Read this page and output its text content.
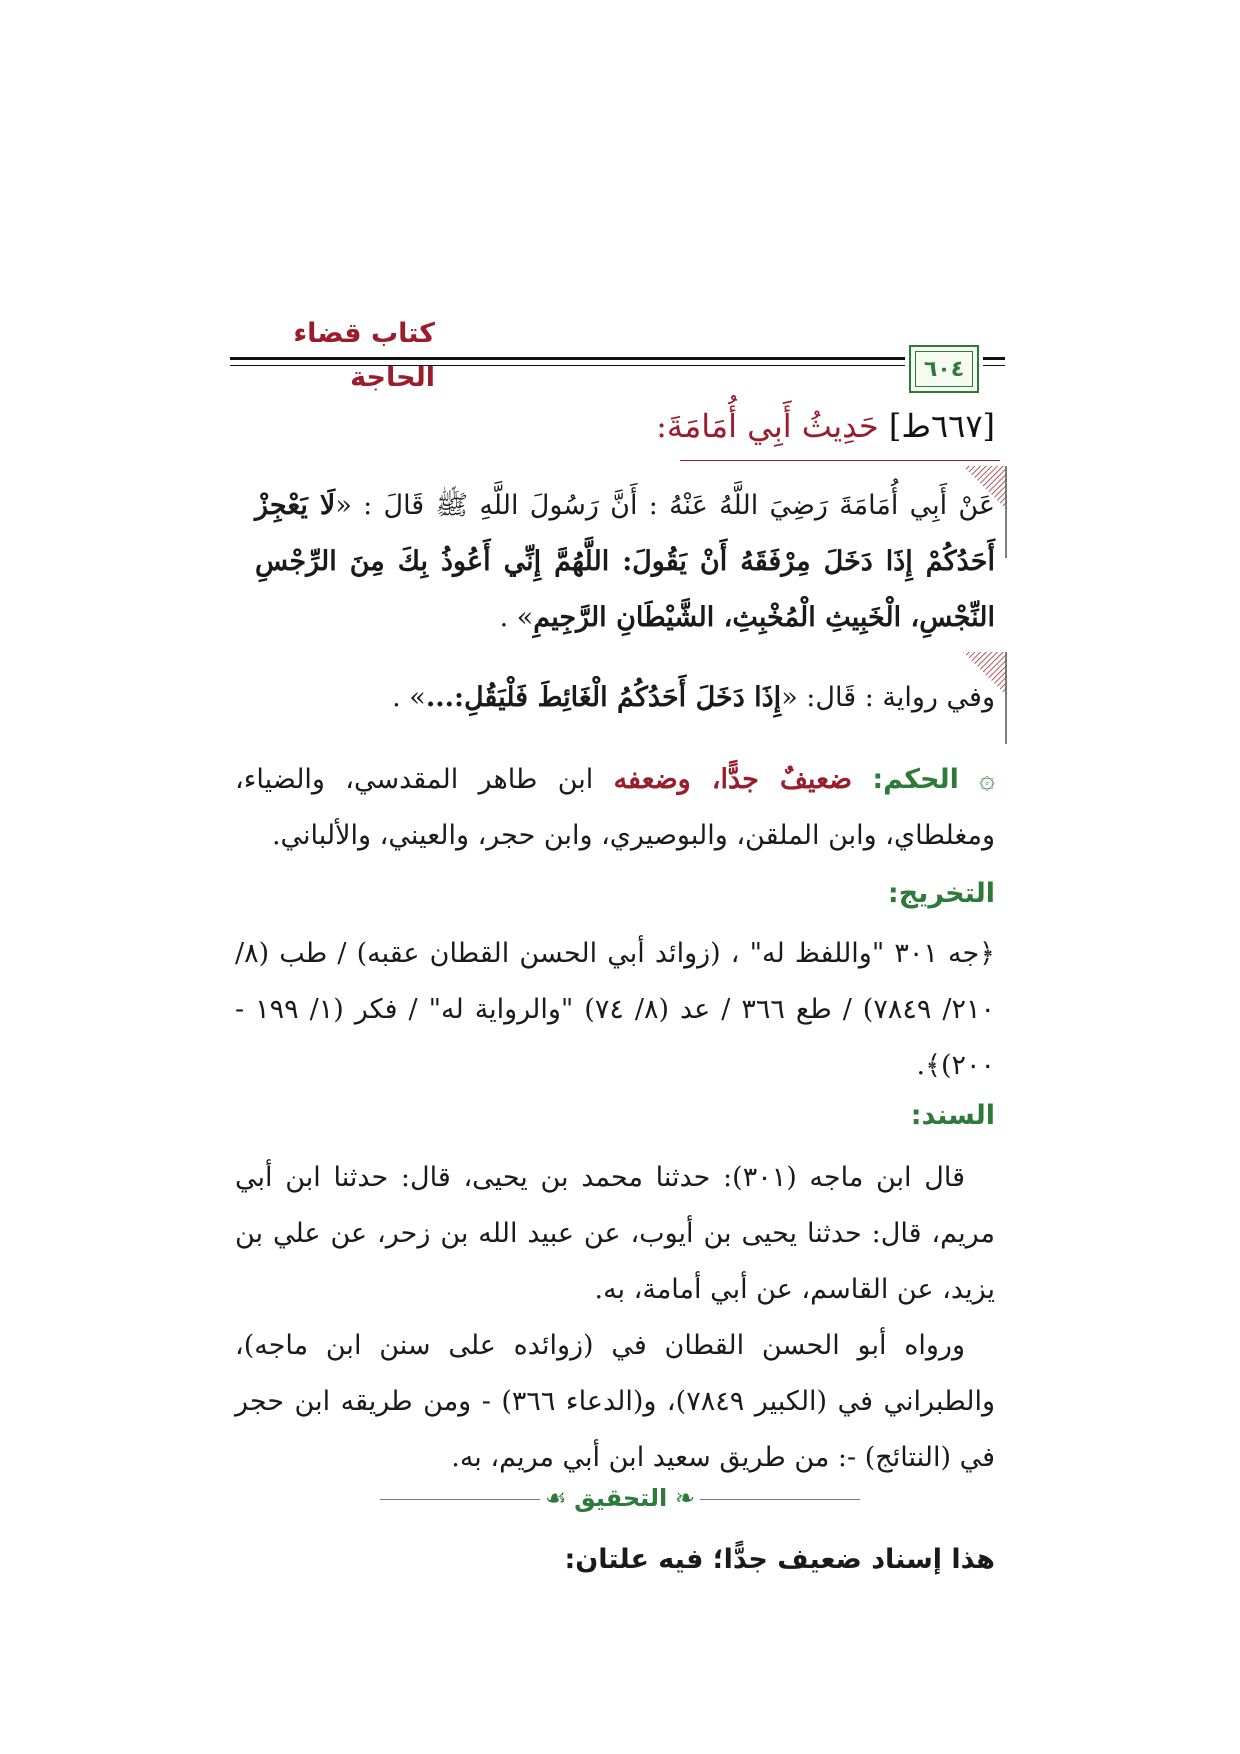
كتاب قضاء الحاجة	٦٠٤
[٦٦٧ط] حَدِيثُ أَبِي أُمَامَةَ:
عَنْ أَبِي أُمَامَةَ رَضِيَ اللَّهُ عَنْهُ : أَنَّ رَسُولَ اللَّهِ ﷺ قَالَ : «لَا يَعْجِزْ أَحَدُكُمْ إِذَا دَخَلَ مِرْفَقَهُ أَنْ يَقُولَ: اللَّهُمَّ إِنِّي أَعُوذُ بِكَ مِنَ الرِّجْسِ النِّجْسِ، الْخَبِيثِ الْمُخْبِثِ، الشَّيْطَانِ الرَّجِيمِ» .
وفي رواية : قَال: «إِذَا دَخَلَ أَحَدُكُمُ الْغَائِطَ فَلْيَقُلِ:...» .
۞ الحكم: ضعيفٌ جدًّا، وضعفه ابن طاهر المقدسي، والضياء، ومغلطاي، وابن الملقن، والبوصيري، وابن حجر، والعيني، والألباني.
التخريج:
﴿جه ٣٠١ "واللفظ له" ، (زوائد أبي الحسن القطان عقبه) / طب (٨/ ٢١٠/ ٧٨٤٩) / طع ٣٦٦ / عد (٨/ ٧٤) "والرواية له" / فكر (١/ ١٩٩ - ٢٠٠)﴾.
السند:
قال ابن ماجه (٣٠١): حدثنا محمد بن يحيى، قال: حدثنا ابن أبي مريم، قال: حدثنا يحيى بن أيوب، عن عبيد الله بن زحر، عن علي بن يزيد، عن القاسم، عن أبي أمامة، به.
ورواه أبو الحسن القطان في (زوائده على سنن ابن ماجه)، والطبراني في (الكبير ٧٨٤٩)، و(الدعاء ٣٦٦) - ومن طريقه ابن حجر في (النتائج) -: من طريق سعيد ابن أبي مريم، به.
❧ التحقيق ☙
هذا إسناد ضعيف جدًّا؛ فيه علتان:
